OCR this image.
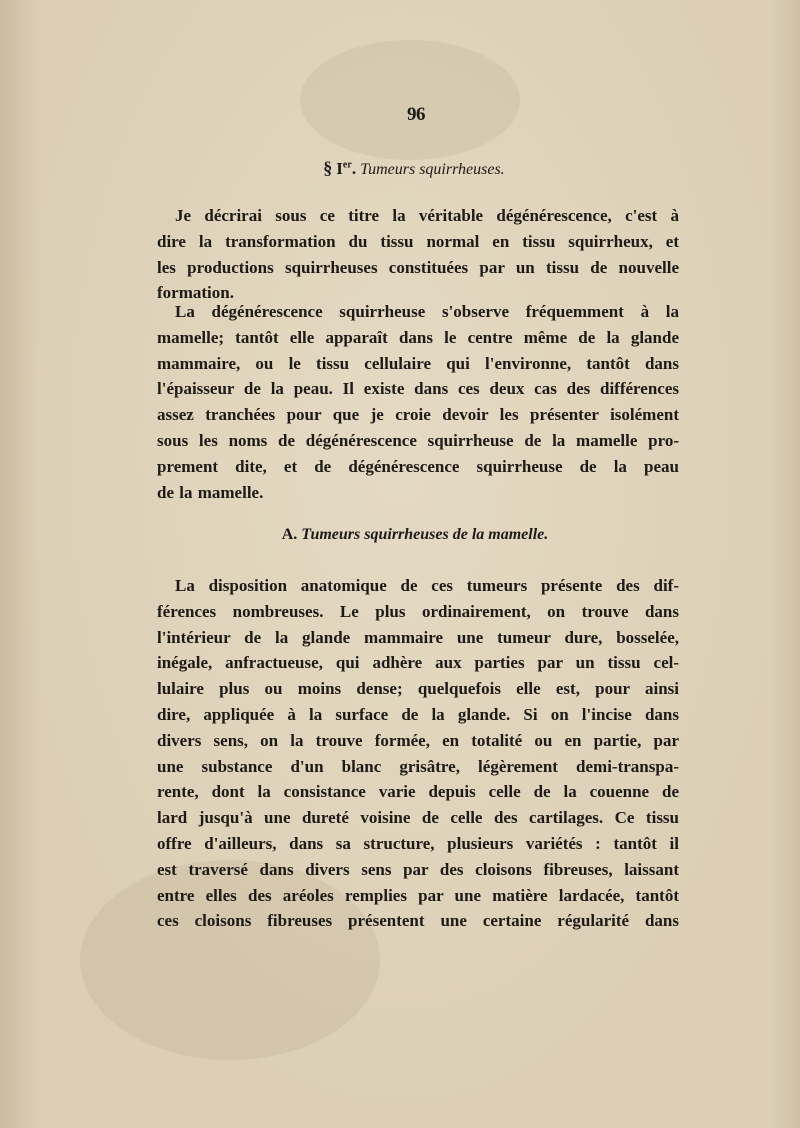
96
§ Ier. Tumeurs squirrheuses.
Je décrirai sous ce titre la véritable dégénérescence, c'est à
dire la transformation du tissu normal en tissu squirrheux, et
les productions squirrheuses constituées par un tissu de nouvelle
formation.
La dégénérescence squirrheuse s'observe fréquemment à la
mamelle; tantôt elle apparaît dans le centre même de la glande
mammaire, ou le tissu cellulaire qui l'environne, tantôt dans
l'épaisseur de la peau. Il existe dans ces deux cas des différences
assez tranchées pour que je croie devoir les présenter isolément
sous les noms de dégénérescence squirrheuse de la mamelle pro-
prement dite, et de dégénérescence squirrheuse de la peau
de la mamelle.
A. Tumeurs squirrheuses de la mamelle.
La disposition anatomique de ces tumeurs présente des dif-
férences nombreuses. Le plus ordinairement, on trouve dans
l'intérieur de la glande mammaire une tumeur dure, bosselée,
inégale, anfractueuse, qui adhère aux parties par un tissu cel-
lulaire plus ou moins dense; quelquefois elle est, pour ainsi
dire, appliquée à la surface de la glande. Si on l'incise dans
divers sens, on la trouve formée, en totalité ou en partie, par
une substance d'un blanc grisâtre, légèrement demi-transpa-
rente, dont la consistance varie depuis celle de la couenne de
lard jusqu'à une dureté voisine de celle des cartilages. Ce tissu
offre d'ailleurs, dans sa structure, plusieurs variétés : tantôt il
est traversé dans divers sens par des cloisons fibreuses, laissant
entre elles des aréoles remplies par une matière lardacée, tantôt
ces cloisons fibreuses présentent une certaine régularité dans
